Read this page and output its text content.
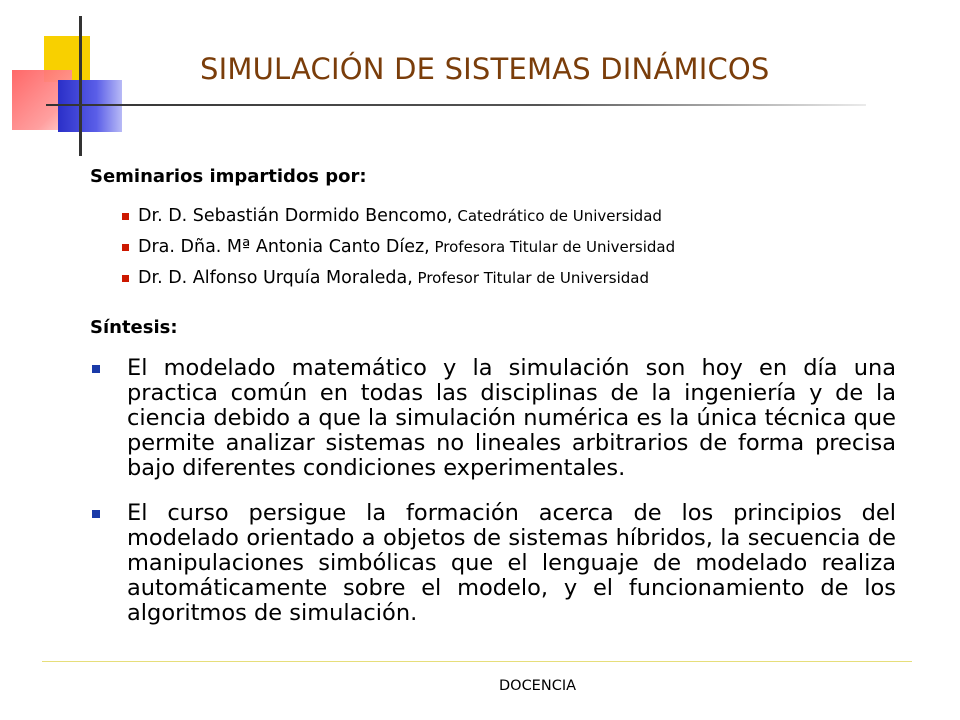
SIMULACIÓN DE SISTEMAS DINÁMICOS
Seminarios impartidos por:
Dr. D. Sebastián Dormido Bencomo, Catedrático de Universidad
Dra. Dña. Mª Antonia Canto Díez, Profesora Titular de Universidad
Dr. D. Alfonso Urquía Moraleda, Profesor Titular de Universidad
Síntesis:
El modelado matemático y la simulación son hoy en día una practica común en todas las disciplinas de la ingeniería y de la ciencia debido a que la simulación numérica es la única técnica que permite analizar sistemas no lineales arbitrarios de forma precisa bajo diferentes condiciones experimentales.
El curso persigue la formación acerca de los principios del modelado orientado a objetos de sistemas híbridos, la secuencia de manipulaciones simbólicas que el lenguaje de modelado realiza automáticamente sobre el modelo, y el funcionamiento de los algoritmos de simulación.
DOCENCIA
